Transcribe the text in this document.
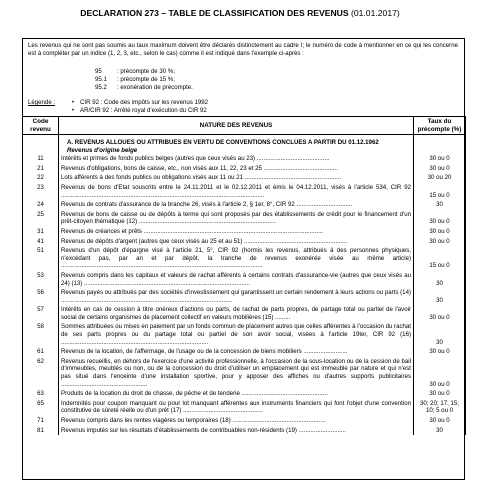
DECLARATION 273 – TABLE DE CLASSIFICATION DES REVENUS (01.01.2017)
Les revenus qui ne sont pas soumis au taux maximum doivent être déclarés distinctement au cadre I; le numéro de code à mentionner en ce qui les concerne est à compléter par un indice (1, 2, 3, etc., selon le cas) comme il est indiqué dans l'exemple ci-après :
95	: précompte de 30 %;
95.1	: précompte de 15 %;
95.2	: exonération de précompte.
Légende :	• CIR 92 : Code des impôts sur les revenus 1992
• AR/CIR 92 : Arrêté royal d'exécution du CIR 92
Code revenu	NATURE DES REVENUS	Taux du précompte (%)
	A. REVENUS ALLOUES OU ATTRIBUES EN VERTU DE CONVENTIONS CONCLUES A PARTIR DU 01.12.1962	
	Revenus d'origine belge	
11	Intérêts et primes de fonds publics belges (autres que ceux visés au 23) ...........................................	30 ou 0
21	Revenus d'obligations, bons de caisse, etc., non visés aux 11, 22, 23 et 25 ............................................	30 ou 0
22	Lots afférents à des fonds publics ou obligations visés aux 11 ou 21 .........................................................	30 ou 20
23	Revenus de bons d'Etat souscrits entre le 24.11.2011 et le 02.12.2011 et émis le 04.12.2011, visés à l'article 534, CIR 92 ........................................................................................................................	15 ou 0
24	Revenus de contrats d'assurance de la branche 26, visés à l'article 2, § 1er, 8°, CIR 92 .................................	30
25	Revenus de bons de caisse ou de dépôts à terme qui sont proposés par des établissements de crédit pour le financement d'un prêt-citoyen thématique (12) .................................................................................	30 ou 0
31	Revenus de créances et prêts ..........................................................................................................	30 ou 0
41	Revenus de dépôts d'argent (autres que ceux visés au 25 et au 51) .............................................................	30 ou 0
51	Revenus d'un dépôt d'épargne visé à l'article 21, 5°, CIR 92 (hormis les revenus, attribués à des personnes physiques, n'excédant pas, par an et par dépôt, la tranche de revenus exonérée visée au même article) .......................................................................................................................	15 ou 0
53	Revenus compris dans les capitaux et valeurs de rachat afférents à certains contrats d'assurance-vie (autres que ceux visés au 24) (13) ..................................................................................................	30
56	Revenus payés ou attribués par des sociétés d'investissement qui garantissent un certain rendement à leurs actions ou parts (14) .....................................................................................................	30
57	Intérêts en cas de cession à titre onéreux d'actions ou parts, de rachat de parts propres, de partage total ou partiel de l'avoir social de certains organismes de placement collectif en valeurs mobilières (15) .........	30 ou 0
58	Sommes attribuées ou mises en paiement par un fonds commun de placement autres que celles afférentes à l'occasion du rachat de ses parts propres ou du partage total ou partiel de son avoir social, visées à l'article 19ter, CIR 92 (16) .......................................................................................	30
61	Revenus de la location, de l'affermage, de l'usage ou de la concession de biens mobiliers ..........................	30 ou 0
62	Revenus recueillis, en dehors de l'exercice d'une activité professionnelle, à l'occasion de la sous-location ou de la cession de bail d'immeubles, meublés ou non, ou de la concession du droit d'utiliser un emplacement qui est immeuble par nature et qui n'est pas situé dans l'enceinte d'une installation sportive, pour y apposer des affiches ou d'autres supports publicitaires ...................................................	30 ou 0
63	Produits de la location du droit de chasse, de pêche et de tenderie ...................................................	30 ou 0
65	Indemnités pour coupon manquant ou pour lot manquant afférentes aux instruments financiers qui font l'objet d'une convention constitutive de sûreté réelle ou d'un prêt (17) ...............................................	30; 20; 17; 15; 10; 5 ou 0
71	Revenus compris dans les rentes viagères ou temporaires (18) .......................................................	30 ou 0
81	Revenus imputés sur les résultats d'établissements de contribuables non-résidents (19) ............................	30
